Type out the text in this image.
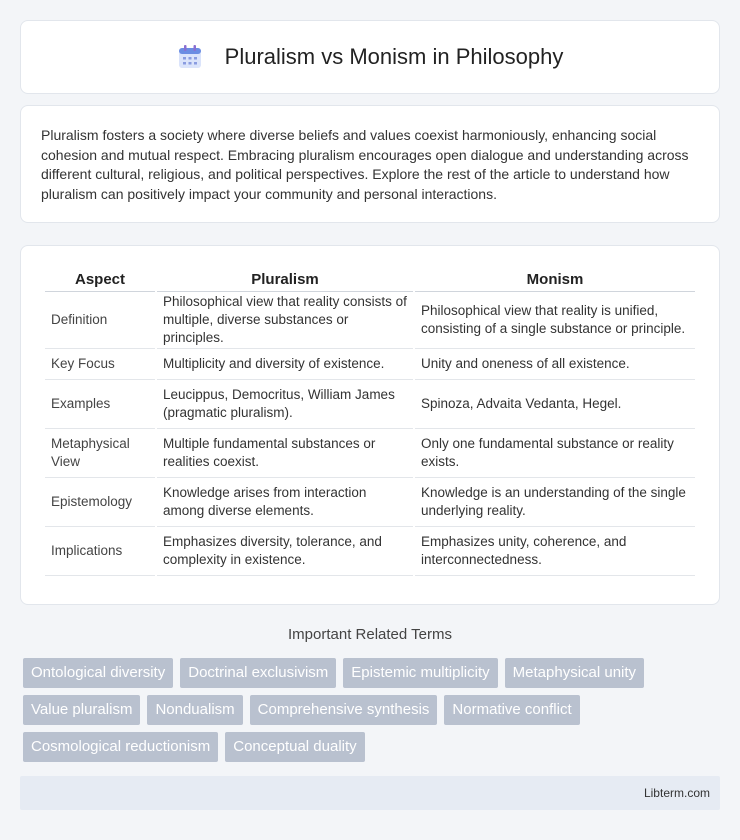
Pluralism vs Monism in Philosophy

Pluralism fosters a society where diverse beliefs and values coexist harmoniously, enhancing social cohesion and mutual respect. Embracing pluralism encourages open dialogue and understanding across different cultural, religious, and political perspectives. Explore the rest of the article to understand how pluralism can positively impact your community and personal interactions.

Aspect	Pluralism	Monism
Definition	Philosophical view that reality consists of multiple, diverse substances or principles.	Philosophical view that reality is unified, consisting of a single substance or principle.
Key Focus	Multiplicity and diversity of existence.	Unity and oneness of all existence.
Examples	Leucippus, Democritus, William James (pragmatic pluralism).	Spinoza, Advaita Vedanta, Hegel.
Metaphysical View	Multiple fundamental substances or realities coexist.	Only one fundamental substance or reality exists.
Epistemology	Knowledge arises from interaction among diverse elements.	Knowledge is an understanding of the single underlying reality.
Implications	Emphasizes diversity, tolerance, and complexity in existence.	Emphasizes unity, coherence, and interconnectedness.
Important Related Terms
Ontological diversity	Doctrinal exclusivism	Epistemic multiplicity	Metaphysical unity
Value pluralism	Nondualism	Comprehensive synthesis	Normative conflict
Cosmological reductionism	Conceptual duality
Libterm.com
